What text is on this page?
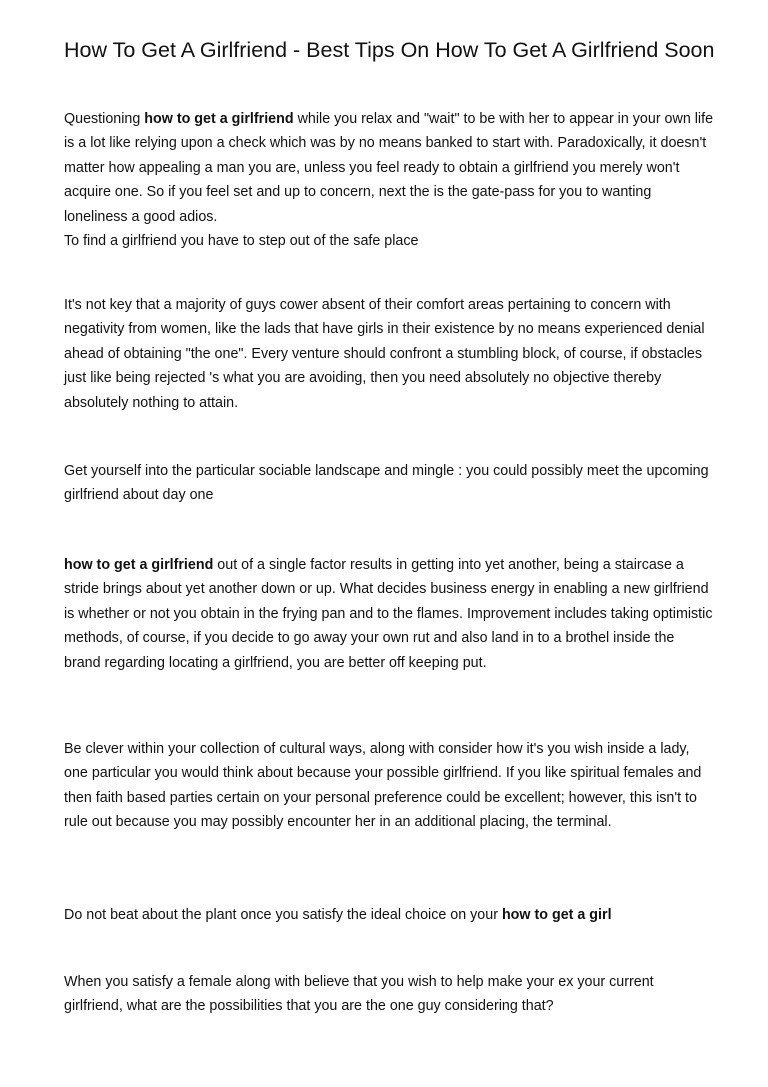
How To Get A Girlfriend - Best Tips On How To Get A Girlfriend Soon

Questioning how to get a girlfriend while you relax and "wait" to be with her to appear in your own life is a lot like relying upon a check which was by no means banked to start with. Paradoxically, it doesn't matter how appealing a man you are, unless you feel ready to obtain a girlfriend you merely won't acquire one. So if you feel set and up to concern, next the is the gate-pass for you to wanting loneliness a good adios.
To find a girlfriend you have to step out of the safe place

It's not key that a majority of guys cower absent of their comfort areas pertaining to concern with negativity from women, like the lads that have girls in their existence by no means experienced denial ahead of obtaining "the one". Every venture should confront a stumbling block, of course, if obstacles just like being rejected 's what you are avoiding, then you need absolutely no objective thereby absolutely nothing to attain.

Get yourself into the particular sociable landscape and mingle : you could possibly meet the upcoming girlfriend about day one

how to get a girlfriend out of a single factor results in getting into yet another, being a staircase a stride brings about yet another down or up. What decides business energy in enabling a new girlfriend is whether or not you obtain in the frying pan and to the flames. Improvement includes taking optimistic methods, of course, if you decide to go away your own rut and also land in to a brothel inside the brand regarding locating a girlfriend, you are better off keeping put.

Be clever within your collection of cultural ways, along with consider how it's you wish inside a lady, one particular you would think about because your possible girlfriend. If you like spiritual females and then faith based parties certain on your personal preference could be excellent; however, this isn't to rule out because you may possibly encounter her in an additional placing, the terminal.

Do not beat about the plant once you satisfy the ideal choice on your how to get a girl

When you satisfy a female along with believe that you wish to help make your ex your current girlfriend, what are the possibilities that you are the one guy considering that?
